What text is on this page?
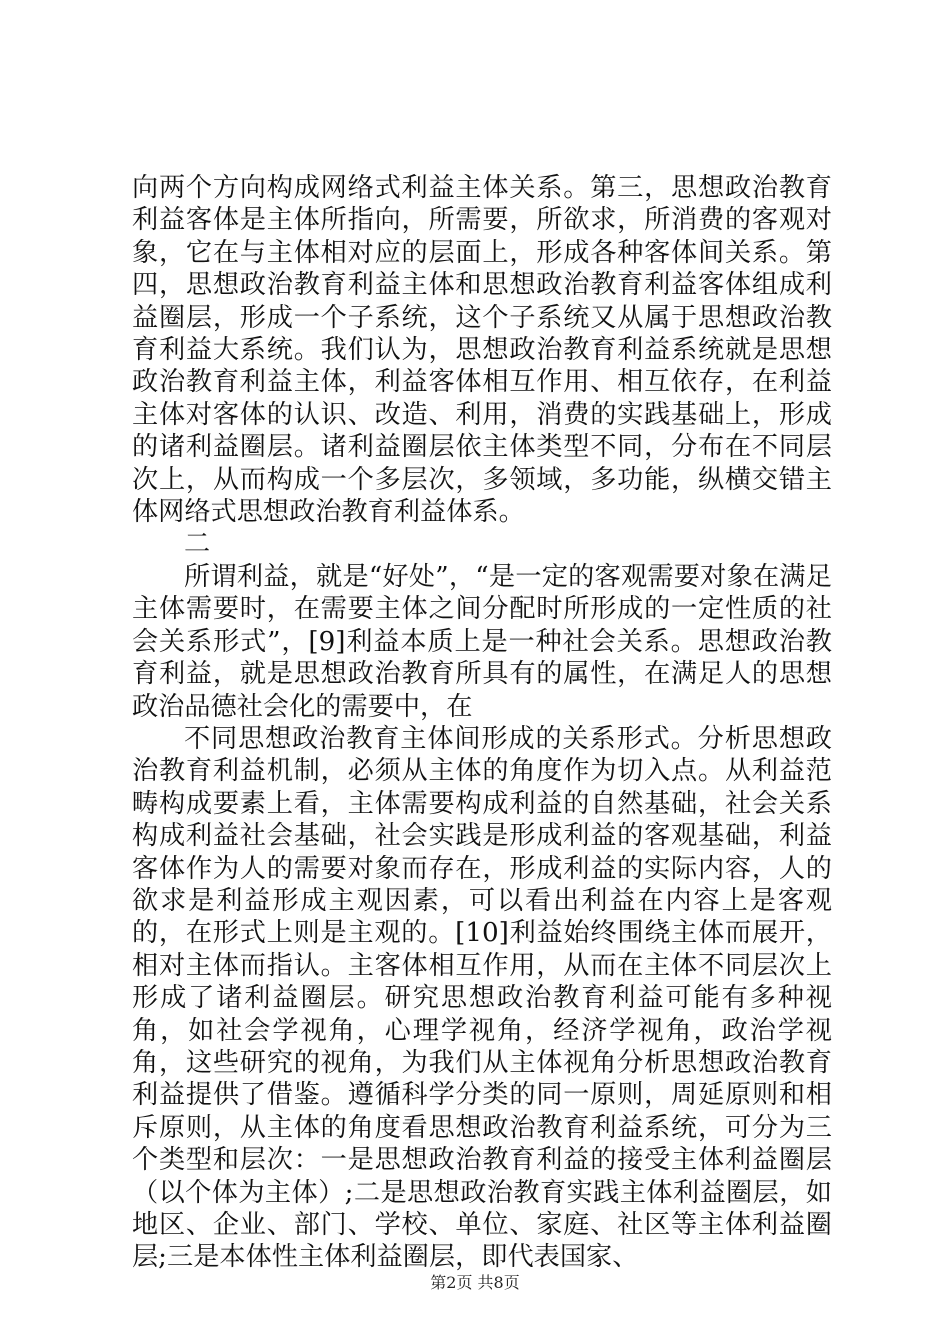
向两个方向构成网络式利益主体关系。第三，思想政治教育利益客体是主体所指向，所需要，所欲求，所消费的客观对象，它在与主体相对应的层面上，形成各种客体间关系。第四，思想政治教育利益主体和思想政治教育利益客体组成利益圈层，形成一个子系统，这个子系统又从属于思想政治教育利益大系统。我们认为，思想政治教育利益系统就是思想政治教育利益主体，利益客体相互作用、相互依存，在利益主体对客体的认识、改造、利用，消费的实践基础上，形成的诸利益圈层。诸利益圈层依主体类型不同，分布在不同层次上，从而构成一个多层次，多领域，多功能，纵横交错主体网络式思想政治教育利益体系。

二

所谓利益，就是“好处”，“是一定的客观需要对象在满足主体需要时，在需要主体之间分配时所形成的一定性质的社会关系形式”，[9]利益本质上是一种社会关系。思想政治教育利益，就是思想政治教育所具有的属性，在满足人的思想政治品德社会化的需要中，在

不同思想政治教育主体间形成的关系形式。分析思想政治教育利益机制，必须从主体的角度作为切入点。从利益范畴构成要素上看，主体需要构成利益的自然基础，社会关系构成利益社会基础，社会实践是形成利益的客观基础，利益客体作为人的需要对象而存在，形成利益的实际内容，人的欲求是利益形成主观因素，可以看出利益在内容上是客观的，在形式上则是主观的。[10]利益始终围绕主体而展开，相对主体而指认。主客体相互作用，从而在主体不同层次上形成了诸利益圈层。研究思想政治教育利益可能有多种视角，如社会学视角，心理学视角，经济学视角，政治学视角，这些研究的视角，为我们从主体视角分析思想政治教育利益提供了借鉴。遵循科学分类的同一原则，周延原则和相斥原则，从主体的角度看思想政治教育利益系统，可分为三个类型和层次：一是思想政治教育利益的接受主体利益圈层（以个体为主体）;二是思想政治教育实践主体利益圈层，如地区、企业、部门、学校、单位、家庭、社区等主体利益圈层;三是本体性主体利益圈层，即代表国家、

第2页 共8页
